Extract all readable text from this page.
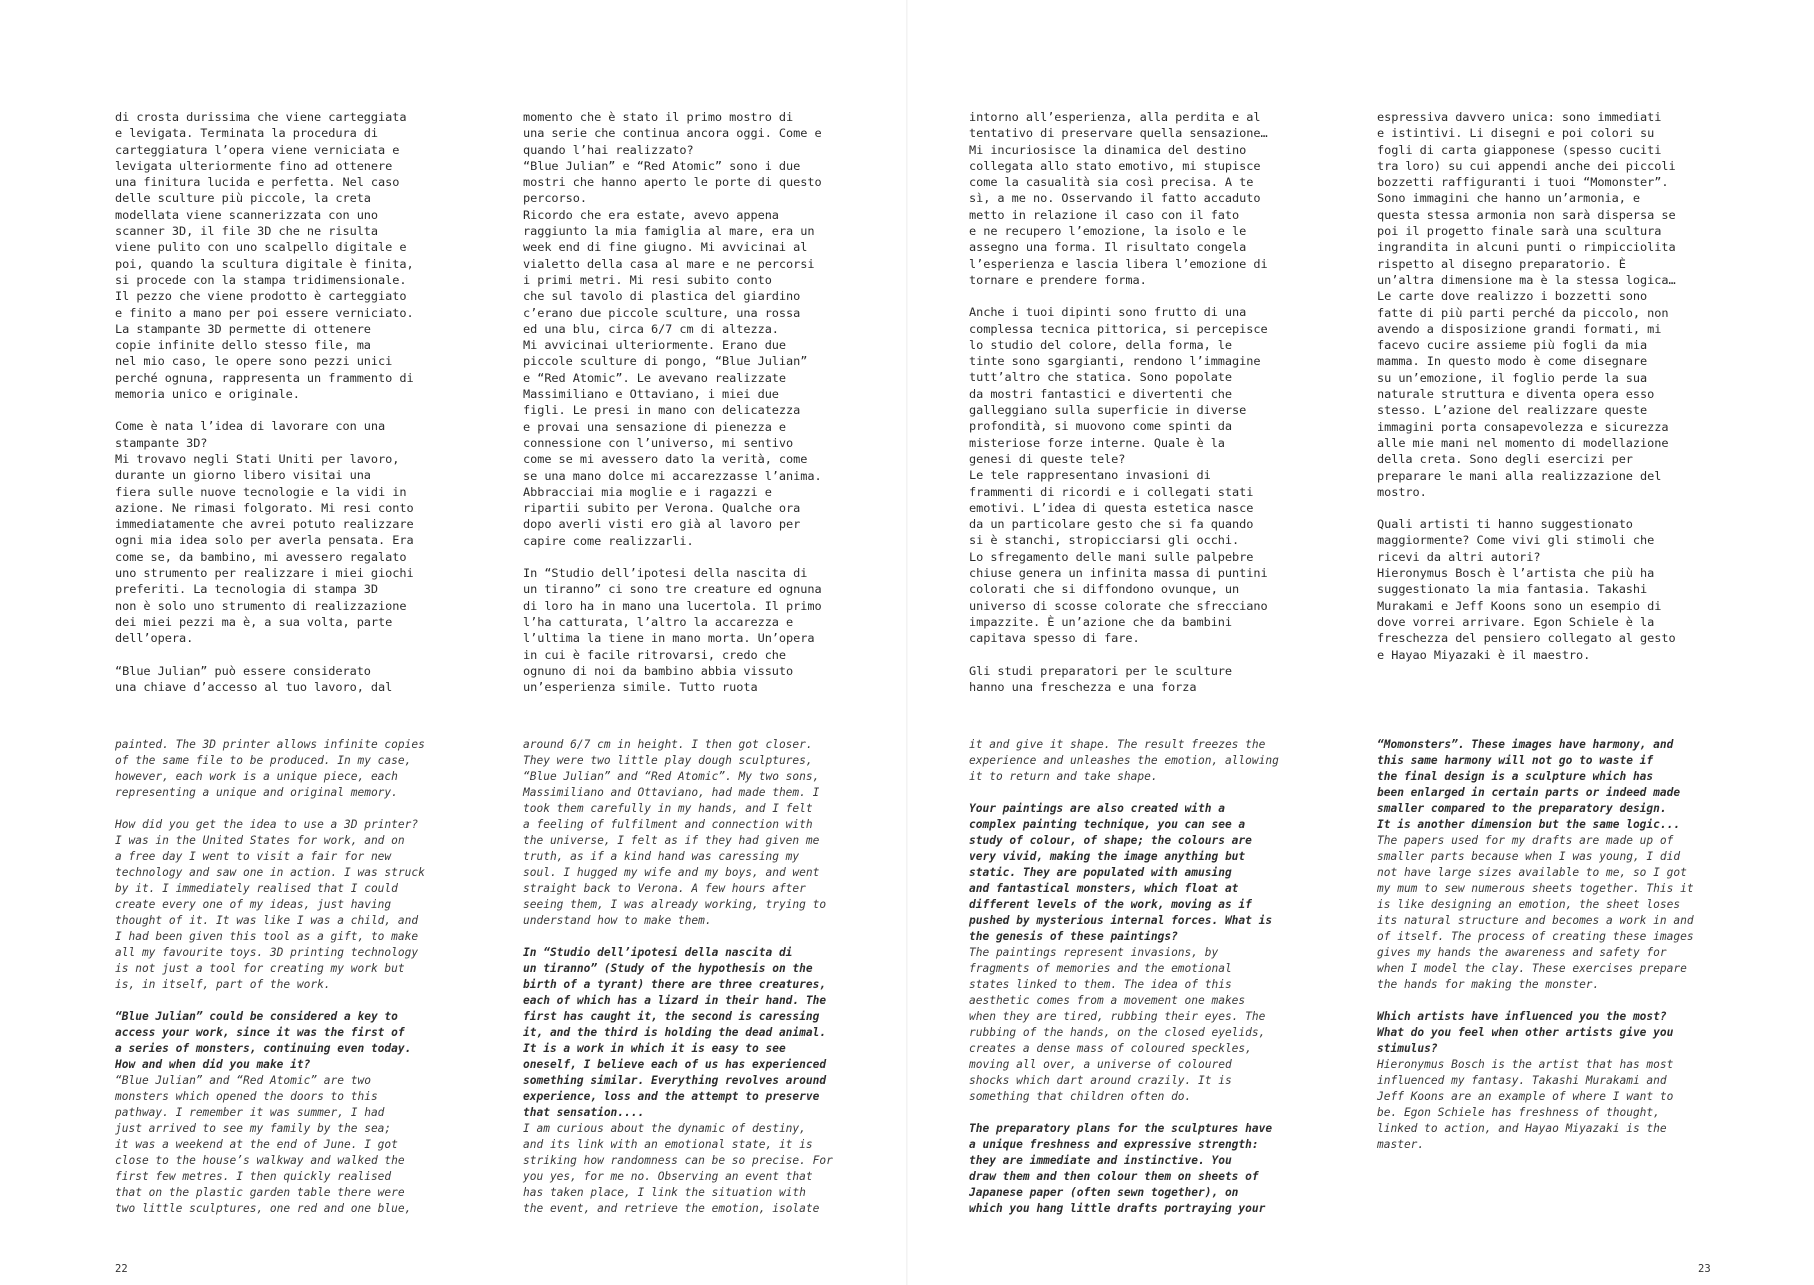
di crosta durissima che viene carteggiata
e levigata. Terminata la procedura di
carteggiatura l’opera viene verniciata e
levigata ulteriormente fino ad ottenere
una finitura lucida e perfetta. Nel caso
delle sculture più piccole, la creta
modellata viene scannerizzata con uno
scanner 3D, il file 3D che ne risulta
viene pulito con uno scalpello digitale e
poi, quando la scultura digitale è finita,
si procede con la stampa tridimensionale.
Il pezzo che viene prodotto è carteggiato
e finito a mano per poi essere verniciato.
La stampante 3D permette di ottenere
copie infinite dello stesso file, ma
nel mio caso, le opere sono pezzi unici
perché ognuna, rappresenta un frammento di
memoria unico e originale.

Come è nata l’idea di lavorare con una
stampante 3D?
Mi trovavo negli Stati Uniti per lavoro,
durante un giorno libero visitai una
fiera sulle nuove tecnologie e la vidi in
azione. Ne rimasi folgorato. Mi resi conto
immediatamente che avrei potuto realizzare
ogni mia idea solo per averla pensata. Era
come se, da bambino, mi avessero regalato
uno strumento per realizzare i miei giochi
preferiti. La tecnologia di stampa 3D
non è solo uno strumento di realizzazione
dei miei pezzi ma è, a sua volta, parte
dell’opera.

“Blue Julian” può essere considerato
una chiave d’accesso al tuo lavoro, dal

momento che è stato il primo mostro di
una serie che continua ancora oggi. Come e
quando l’hai realizzato?
“Blue Julian” e “Red Atomic” sono i due
mostri che hanno aperto le porte di questo
percorso.
Ricordo che era estate, avevo appena
raggiunto la mia famiglia al mare, era un
week end di fine giugno. Mi avvicinai al
vialetto della casa al mare e ne percorsi
i primi metri. Mi resi subito conto
che sul tavolo di plastica del giardino
c’erano due piccole sculture, una rossa
ed una blu, circa 6/7 cm di altezza.
Mi avvicinai ulteriormente. Erano due
piccole sculture di pongo, “Blue Julian”
e “Red Atomic”. Le avevano realizzate
Massimiliano e Ottaviano, i miei due
figli. Le presi in mano con delicatezza
e provai una sensazione di pienezza e
connessione con l’universo, mi sentivo
come se mi avessero dato la verità, come
se una mano dolce mi accarezzasse l’anima.
Abbracciai mia moglie e i ragazzi e
ripartii subito per Verona. Qualche ora
dopo averli visti ero già al lavoro per
capire come realizzarli.

In “Studio dell’ipotesi della nascita di
un tiranno” ci sono tre creature ed ognuna
di loro ha in mano una lucertola. Il primo
l’ha catturata, l’altro la accarezza e
l’ultima la tiene in mano morta. Un’opera
in cui è facile ritrovarsi, credo che
ognuno di noi da bambino abbia vissuto
un’esperienza simile. Tutto ruota

intorno all’esperienza, alla perdita e al
tentativo di preservare quella sensazione…
Mi incuriosisce la dinamica del destino
collegata allo stato emotivo, mi stupisce
come la casualità sia così precisa. A te
sì, a me no. Osservando il fatto accaduto
metto in relazione il caso con il fato
e ne recupero l’emozione, la isolo e le
assegno una forma. Il risultato congela
l’esperienza e lascia libera l’emozione di
tornare e prendere forma.

Anche i tuoi dipinti sono frutto di una
complessa tecnica pittorica, si percepisce
lo studio del colore, della forma, le
tinte sono sgargianti, rendono l’immagine
tutt’altro che statica. Sono popolate
da mostri fantastici e divertenti che
galleggiano sulla superficie in diverse
profondità, si muovono come spinti da
misteriose forze interne. Quale è la
genesi di queste tele?
Le tele rappresentano invasioni di
frammenti di ricordi e i collegati stati
emotivi. L’idea di questa estetica nasce
da un particolare gesto che si fa quando
si è stanchi, stropicciarsi gli occhi.
Lo sfregamento delle mani sulle palpebre
chiuse genera un infinita massa di puntini
colorati che si diffondono ovunque, un
universo di scosse colorate che sfrecciano
impazzite. È un’azione che da bambini
capitava spesso di fare.

Gli studi preparatori per le sculture
hanno una freschezza e una forza

espressiva davvero unica: sono immediati
e istintivi. Li disegni e poi colori su
fogli di carta giapponese (spesso cuciti
tra loro) su cui appendi anche dei piccoli
bozzetti raffiguranti i tuoi “Momonster”.
Sono immagini che hanno un’armonia, e
questa stessa armonia non sarà dispersa se
poi il progetto finale sarà una scultura
ingrandita in alcuni punti o rimpicciolita
rispetto al disegno preparatorio. È
un’altra dimensione ma è la stessa logica…
Le carte dove realizzo i bozzetti sono
fatte di più parti perché da piccolo, non
avendo a disposizione grandi formati, mi
facevo cucire assieme più fogli da mia
mamma. In questo modo è come disegnare
su un’emozione, il foglio perde la sua
naturale struttura e diventa opera esso
stesso. L’azione del realizzare queste
immagini porta consapevolezza e sicurezza
alle mie mani nel momento di modellazione
della creta. Sono degli esercizi per
preparare le mani alla realizzazione del
mostro.

Quali artisti ti hanno suggestionato
maggiormente? Come vivi gli stimoli che
ricevi da altri autori?
Hieronymus Bosch è l’artista che più ha
suggestionato la mia fantasia. Takashi
Murakami e Jeff Koons sono un esempio di
dove vorrei arrivare. Egon Schiele è la
freschezza del pensiero collegato al gesto
e Hayao Miyazaki è il maestro.

painted. The 3D printer allows infinite copies
of the same file to be produced. In my case,
however, each work is a unique piece, each
representing a unique and original memory.

How did you get the idea to use a 3D printer?
I was in the United States for work, and on
a free day I went to visit a fair for new
technology and saw one in action. I was struck
by it. I immediately realised that I could
create every one of my ideas, just having
thought of it. It was like I was a child, and
I had been given this tool as a gift, to make
all my favourite toys. 3D printing technology
is not just a tool for creating my work but
is, in itself, part of the work.

“Blue Julian” could be considered a key to
access your work, since it was the first of
a series of monsters, continuing even today.
How and when did you make it?

“Blue Julian” and “Red Atomic” are two
monsters which opened the doors to this
pathway. I remember it was summer, I had
just arrived to see my family by the sea;
it was a weekend at the end of June. I got
close to the house’s walkway and walked the
first few metres. I then quickly realised
that on the plastic garden table there were
two little sculptures, one red and one blue,

around 6/7 cm in height. I then got closer.
They were two little play dough sculptures,
“Blue Julian” and “Red Atomic”. My two sons,
Massimiliano and Ottaviano, had made them. I
took them carefully in my hands, and I felt
a feeling of fulfilment and connection with
the universe, I felt as if they had given me
truth, as if a kind hand was caressing my
soul. I hugged my wife and my boys, and went
straight back to Verona. A few hours after
seeing them, I was already working, trying to
understand how to make them.

In “Studio dell’ipotesi della nascita di
un tiranno” (Study of the hypothesis on the
birth of a tyrant) there are three creatures,
each of which has a lizard in their hand. The
first has caught it, the second is caressing
it, and the third is holding the dead animal.
It is a work in which it is easy to see
oneself, I believe each of us has experienced
something similar. Everything revolves around
experience, loss and the attempt to preserve
that sensation....

I am curious about the dynamic of destiny,
and its link with an emotional state, it is
striking how randomness can be so precise. For
you yes, for me no. Observing an event that
has taken place, I link the situation with
the event, and retrieve the emotion, isolate

it and give it shape. The result freezes the
experience and unleashes the emotion, allowing
it to return and take shape.

Your paintings are also created with a
complex painting technique, you can see a
study of colour, of shape; the colours are
very vivid, making the image anything but
static. They are populated with amusing
and fantastical monsters, which float at
different levels of the work, moving as if
pushed by mysterious internal forces. What is
the genesis of these paintings?

The paintings represent invasions, by
fragments of memories and the emotional
states linked to them. The idea of this
aesthetic comes from a movement one makes
when they are tired, rubbing their eyes. The
rubbing of the hands, on the closed eyelids,
creates a dense mass of coloured speckles,
moving all over, a universe of coloured
shocks which dart around crazily. It is
something that children often do.

The preparatory plans for the sculptures have
a unique freshness and expressive strength:
they are immediate and instinctive. You
draw them and then colour them on sheets of
Japanese paper (often sewn together), on
which you hang little drafts portraying your

“Momonsters”. These images have harmony, and
this same harmony will not go to waste if
the final design is a sculpture which has
been enlarged in certain parts or indeed made
smaller compared to the preparatory design.
It is another dimension but the same logic...

The papers used for my drafts are made up of
smaller parts because when I was young, I did
not have large sizes available to me, so I got
my mum to sew numerous sheets together. This it
is like designing an emotion, the sheet loses
its natural structure and becomes a work in and
of itself. The process of creating these images
gives my hands the awareness and safety for
when I model the clay. These exercises prepare
the hands for making the monster.

Which artists have influenced you the most?
What do you feel when other artists give you
stimulus?

Hieronymus Bosch is the artist that has most
influenced my fantasy. Takashi Murakami and
Jeff Koons are an example of where I want to
be. Egon Schiele has freshness of thought,
linked to action, and Hayao Miyazaki is the
master.

22	23
